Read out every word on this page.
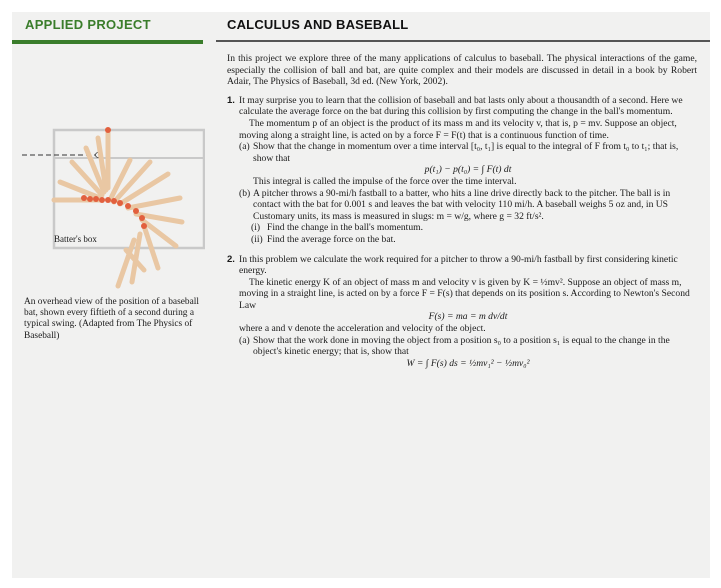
APPLIED PROJECT	CALCULUS AND BASEBALL
Batter's box
An overhead view of the position of a baseball bat, shown every fiftieth of a second during a typical swing. (Adapted from The Physics of Baseball)

In this project we explore three of the many applications of calculus to baseball. The physical interactions of the game, especially the collision of ball and bat, are quite complex and their models are discussed in detail in a book by Robert Adair, The Physics of Baseball, 3d ed. (New York, 2002).

1. It may surprise you to learn that the collision of baseball and bat lasts only about a thousandth of a second. Here we calculate the average force on the bat during this collision by first computing the change in the ball's momentum.

The momentum p of an object is the product of its mass m and its velocity v, that is, p = mv. Suppose an object, moving along a straight line, is acted on by a force F = F(t) that is a continuous function of time.

(a) Show that the change in momentum over a time interval [t₀, t₁] is equal to the integral of F from t₀ to t₁; that is, show that

p(t₁) − p(t₀) = ∫ F(t) dt

This integral is called the impulse of the force over the time interval.

(b) A pitcher throws a 90-mi/h fastball to a batter, who hits a line drive directly back to the pitcher. The ball is in contact with the bat for 0.001 s and leaves the bat with velocity 110 mi/h. A baseball weighs 5 oz and, in US Customary units, its mass is measured in slugs: m = w/g, where g = 32 ft/s².

(i) Find the change in the ball's momentum.

(ii) Find the average force on the bat.

2. In this problem we calculate the work required for a pitcher to throw a 90-mi/h fastball by first considering kinetic energy.

The kinetic energy K of an object of mass m and velocity v is given by K = ½mv². Suppose an object of mass m, moving in a straight line, is acted on by a force F = F(s) that depends on its position s. According to Newton's Second Law

F(s) = ma = m dv/dt

where a and v denote the acceleration and velocity of the object.

(a) Show that the work done in moving the object from a position s₀ to a position s₁ is equal to the change in the object's kinetic energy; that is, show that

W = ∫ F(s) ds = ½mv₁² − ½mv₀²
